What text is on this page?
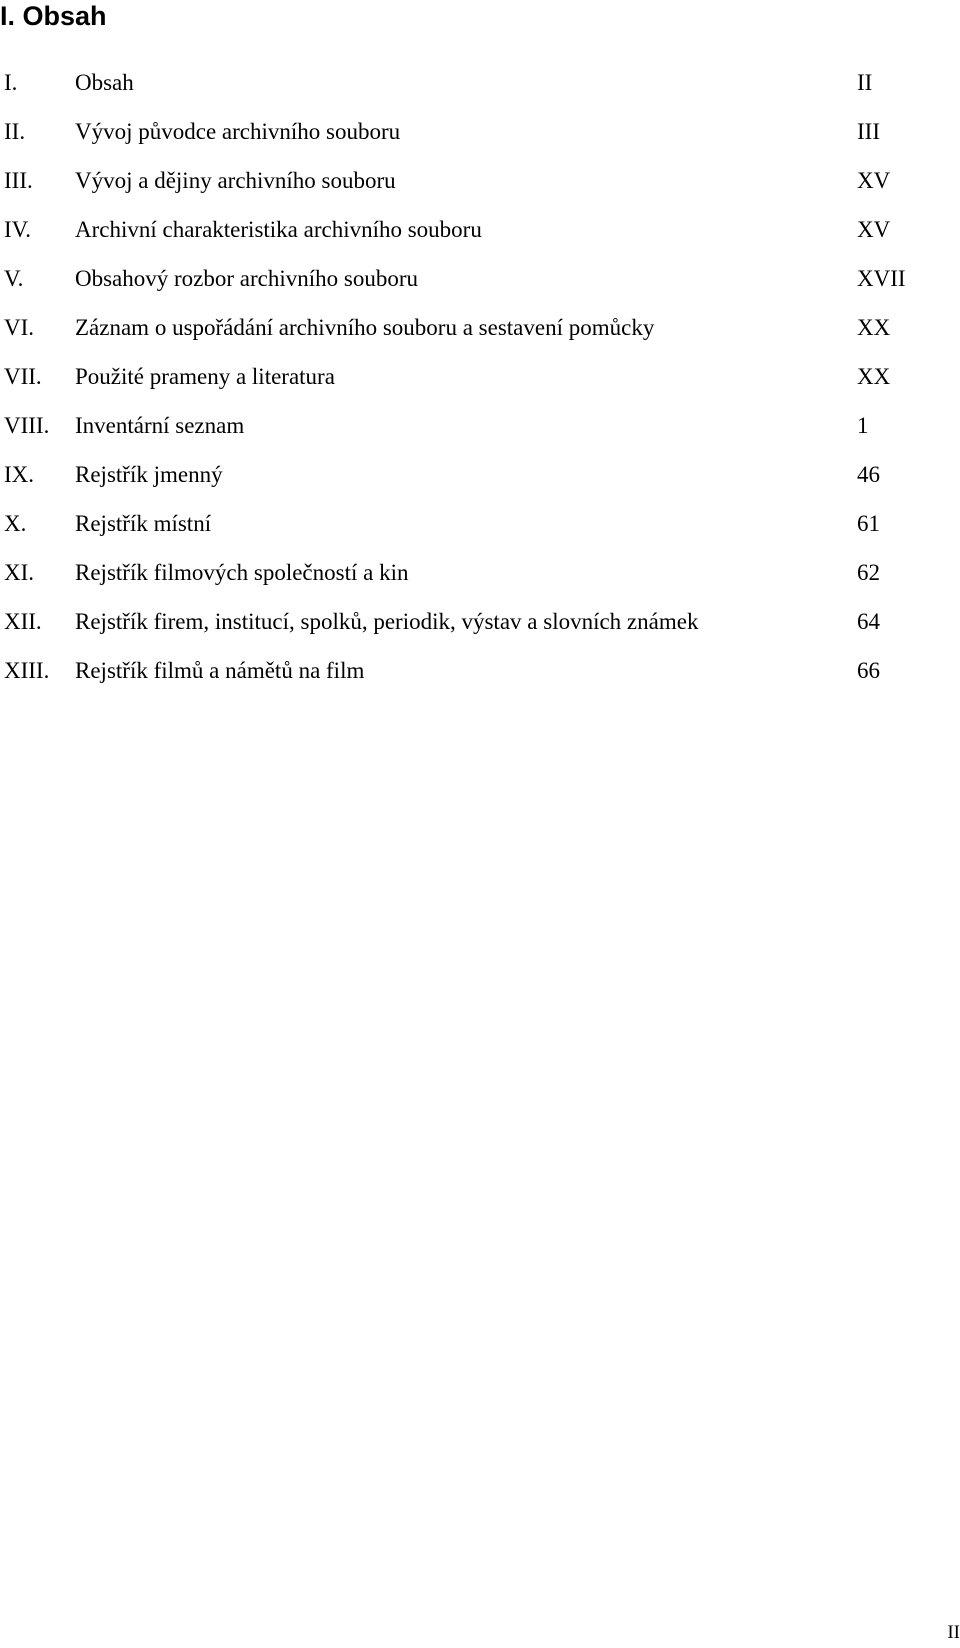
I. Obsah
I.	Obsah	II
II. Vývoj původce archivního souboru	III
III. Vývoj a dějiny archivního souboru	XV
IV. Archivní charakteristika archivního souboru	XV
V. Obsahový rozbor archivního souboru	XVII
VI. Záznam o uspořádání archivního souboru a sestavení pomůcky	XX
VII. Použité prameny a literatura	XX
VIII. Inventární seznam	1
IX. Rejstřík jmenný	46
X. Rejstřík místní	61
XI. Rejstřík filmových společností a kin	62
XII. Rejstřík firem, institucí, spolků, periodik, výstav a slovních známek	64
XIII. Rejstřík filmů a námětů na film	66
II
